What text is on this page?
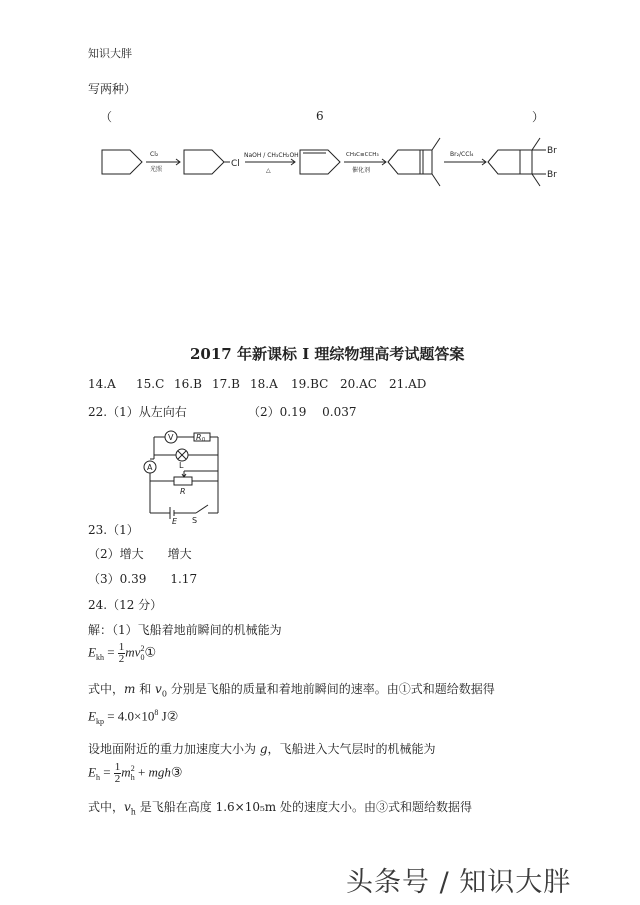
知识大胖
写两种）
（	6	）
Cl₂
光照
Cl
NaOH / CH₃CH₂OH
△
CH₃C≡CCH₃
催化剂
Br₂/CCl₄	Br
Br
2017 年新课标 I 理综物理高考试题答案
14.A 15.C 16.B 17.B 18.A 19.BC 20.AC 21.AD
22.（1）从左向右	（2）0.19　 0.037
V	R 0
L
A
R
E S
23.（1）
（2）增大　　增大
（3）0.39　　1.17
24.（12 分）
解：（1）飞船着地前瞬间的机械能为
$E_{kh} = \frac{1}{2}$ $mv_0^2①$
式中，m 和 $v_0$ 分别是飞船的质量和着地前瞬间的速率。由①式和题给数据得
$E_{kp} = 4.0\times 10^8$ J②
设地面附近的重力加速度大小为 g，飞船进入大气层时的机械能为
$E_h = \frac{1}{2} m_h^2$ + mgh③
式中，$v_h$ 是飞船在高度 1.6×10₅m 处的速度大小。由③式和题给数据得
头条号 / 知识大胖
